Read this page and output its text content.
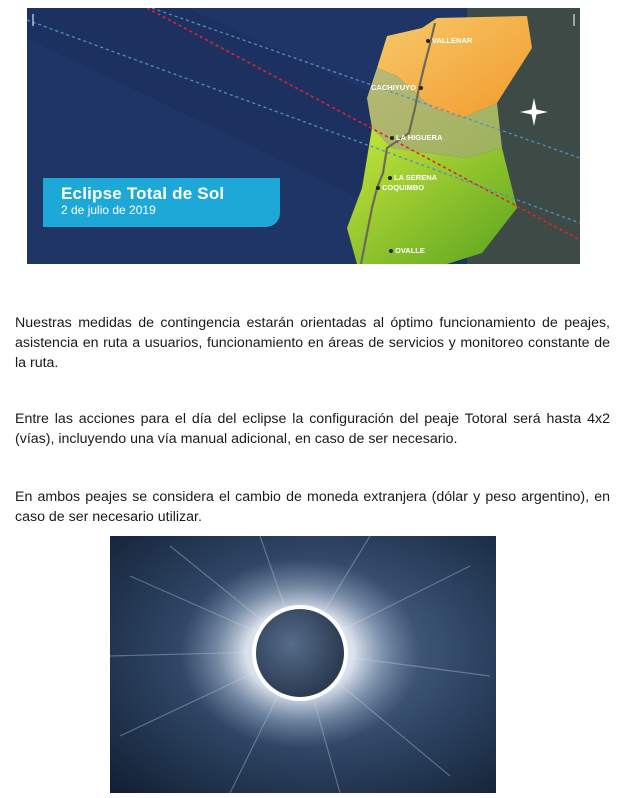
VALLENAR
CACHIYUYO
LA HIGUERA
LA SERENA
COQUIMBO
OVALLE
Eclipse Total de Sol
2 de julio de 2019

Nuestras medidas de contingencia estarán orientadas al óptimo funcionamiento de peajes, asistencia en ruta a usuarios, funcionamiento en áreas de servicios y monitoreo constante de la ruta.

Entre las acciones para el día del eclipse la configuración del peaje Totoral será hasta 4x2 (vías), incluyendo una vía manual adicional, en caso de ser necesario.

En ambos peajes se considera el cambio de moneda extranjera (dólar y peso argentino), en caso de ser necesario utilizar.
